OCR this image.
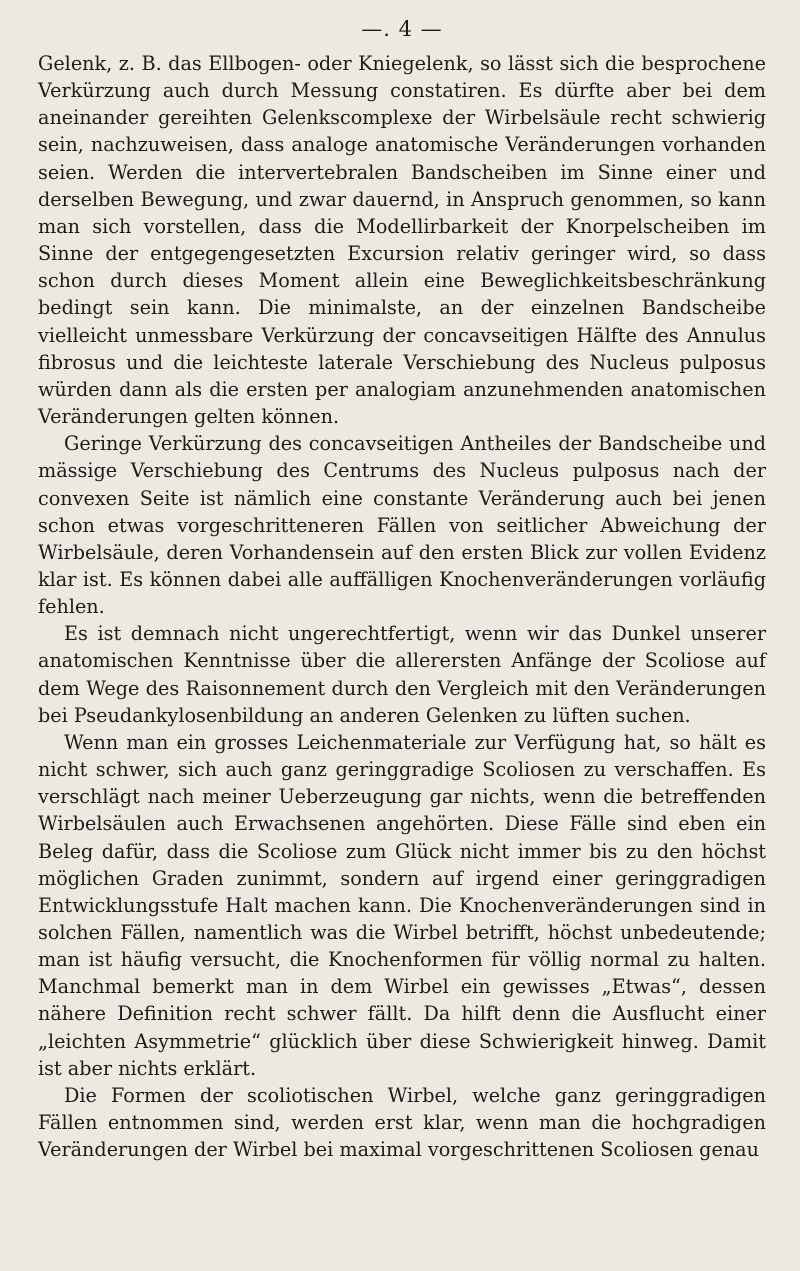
—. 4 —

Gelenk, z. B. das Ellbogen- oder Kniegelenk, so lässt sich die besprochene Verkürzung auch durch Messung constatiren. Es dürfte aber bei dem aneinander gereihten Gelenkscomplexe der Wirbelsäule recht schwierig sein, nachzuweisen, dass analoge anatomische Veränderungen vorhanden seien. Werden die intervertebralen Bandscheiben im Sinne einer und derselben Bewegung, und zwar dauernd, in Anspruch genommen, so kann man sich vorstellen, dass die Modellirbarkeit der Knorpelscheiben im Sinne der entgegengesetzten Excursion relativ geringer wird, so dass schon durch dieses Moment allein eine Beweglichkeitsbeschränkung bedingt sein kann. Die minimalste, an der einzelnen Bandscheibe vielleicht unmessbare Verkürzung der concavseitigen Hälfte des Annulus fibrosus und die leichteste laterale Verschiebung des Nucleus pulposus würden dann als die ersten per analogiam anzunehmenden anatomischen Veränderungen gelten können.

Geringe Verkürzung des concavseitigen Antheiles der Bandscheibe und mässige Verschiebung des Centrums des Nucleus pulposus nach der convexen Seite ist nämlich eine constante Veränderung auch bei jenen schon etwas vorgeschritteneren Fällen von seitlicher Abweichung der Wirbelsäule, deren Vorhandensein auf den ersten Blick zur vollen Evidenz klar ist. Es können dabei alle auffälligen Knochenveränderungen vorläufig fehlen.

Es ist demnach nicht ungerechtfertigt, wenn wir das Dunkel unserer anatomischen Kenntnisse über die allerersten Anfänge der Scoliose auf dem Wege des Raisonnement durch den Vergleich mit den Veränderungen bei Pseudankylosenbildung an anderen Gelenken zu lüften suchen.

Wenn man ein grosses Leichenmateriale zur Verfügung hat, so hält es nicht schwer, sich auch ganz geringgradige Scoliosen zu verschaffen. Es verschlägt nach meiner Ueberzeugung gar nichts, wenn die betreffenden Wirbelsäulen auch Erwachsenen angehörten. Diese Fälle sind eben ein Beleg dafür, dass die Scoliose zum Glück nicht immer bis zu den höchst möglichen Graden zunimmt, sondern auf irgend einer geringgradigen Entwicklungsstufe Halt machen kann. Die Knochenveränderungen sind in solchen Fällen, namentlich was die Wirbel betrifft, höchst unbedeutende; man ist häufig versucht, die Knochenformen für völlig normal zu halten. Manchmal bemerkt man in dem Wirbel ein gewisses „Etwas“, dessen nähere Definition recht schwer fällt. Da hilft denn die Ausflucht einer „leichten Asymmetrie“ glücklich über diese Schwierigkeit hinweg. Damit ist aber nichts erklärt.

Die Formen der scoliotischen Wirbel, welche ganz geringgradigen Fällen entnommen sind, werden erst klar, wenn man die hochgradigen Veränderungen der Wirbel bei maximal vorgeschrittenen Scoliosen genau
